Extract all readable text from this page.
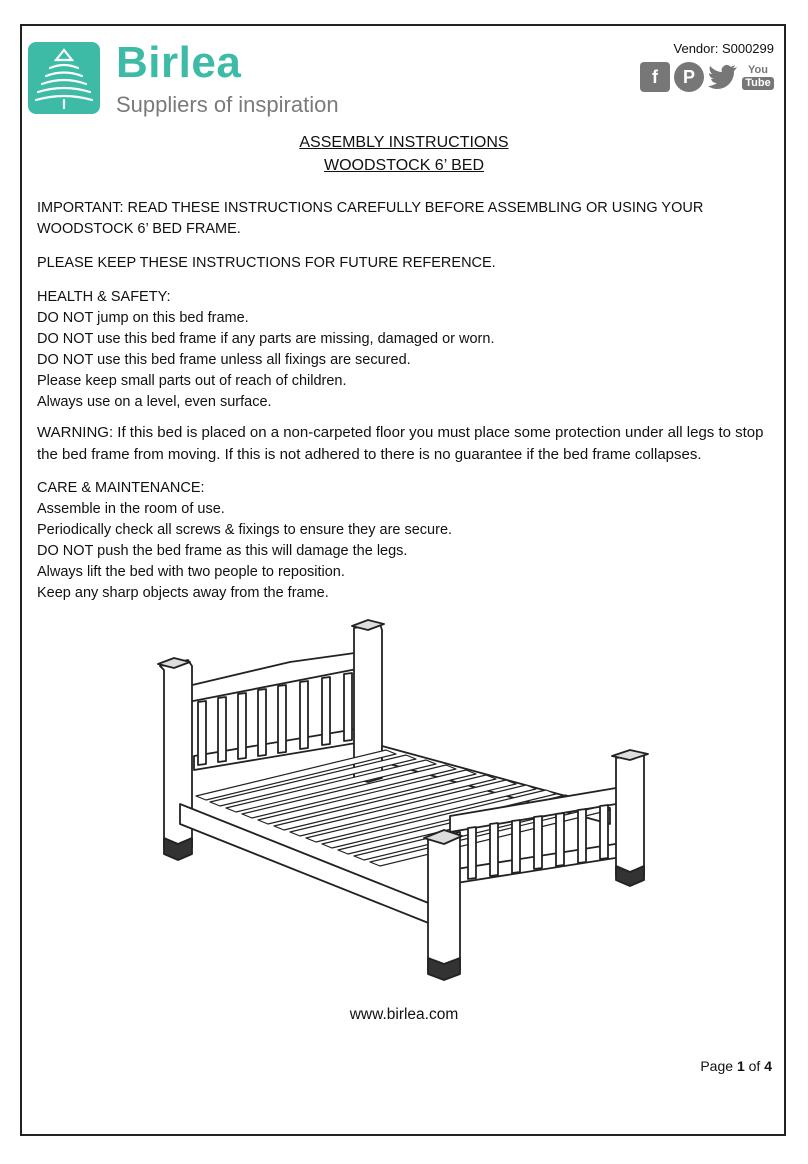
Birlea
Suppliers of inspiration
Vendor: S000299
f	P	You
Tube
ASSEMBLY INSTRUCTIONS
WOODSTOCK 6’ BED
IMPORTANT: READ THESE INSTRUCTIONS CAREFULLY BEFORE ASSEMBLING OR USING YOUR WOODSTOCK 6’ BED FRAME.
PLEASE KEEP THESE INSTRUCTIONS FOR FUTURE REFERENCE.
HEALTH & SAFETY:
DO NOT jump on this bed frame.
DO NOT use this bed frame if any parts are missing, damaged or worn.
DO NOT use this bed frame unless all fixings are secured.
Please keep small parts out of reach of children.
Always use on a level, even surface.
WARNING: If this bed is placed on a non-carpeted floor you must place some protection under all legs to stop the bed frame from moving. If this is not adhered to there is no guarantee if the bed frame collapses.
CARE & MAINTENANCE:
Assemble in the room of use.
Periodically check all screws & fixings to ensure they are secure.
DO NOT push the bed frame as this will damage the legs.
Always lift the bed with two people to reposition.
Keep any sharp objects away from the frame.
www.birlea.com
Page 1 of 4
